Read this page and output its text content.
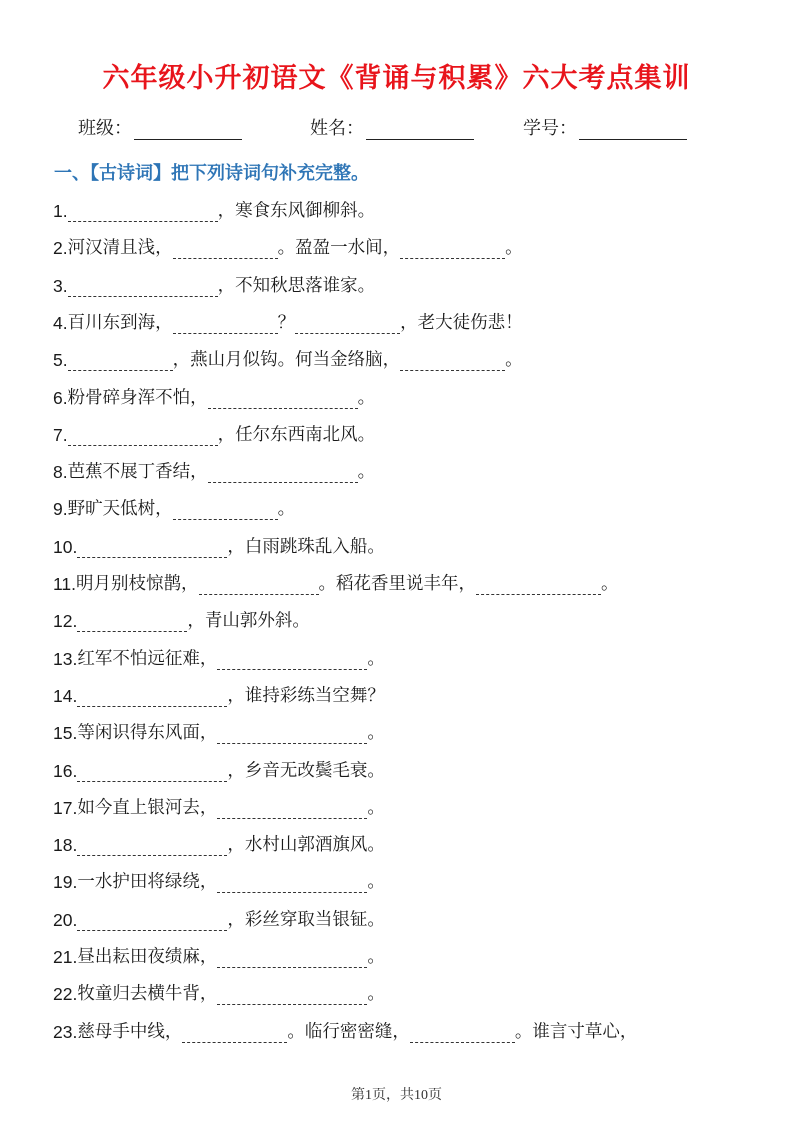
六年级小升初语文《背诵与积累》六大考点集训
班级：	姓名：	学号：
一、【古诗词】把下列诗词句补充完整。
1.	，寒食东风御柳斜。
2. 河汉清且浅，	。盈盈一水间，	。
3.	，不知秋思落谁家。
4. 百川东到海，	？	，老大徒伤悲！
5.	，燕山月似钩。何当金络脑，	。
6. 粉骨碎身浑不怕，	。
7.	，任尔东西南北风。
8. 芭蕉不展丁香结，	。
9. 野旷天低树，	。
10.	，白雨跳珠乱入船。
11. 明月别枝惊鹊，	。稻花香里说丰年，	。
12.	，青山郭外斜。
13. 红军不怕远征难，	。
14.	，谁持彩练当空舞？
15. 等闲识得东风面，	。
16.	，乡音无改鬓毛衰。
17. 如今直上银河去，	。
18.	，水村山郭酒旗风。
19. 一水护田将绿绕，	。
20.	，彩丝穿取当银钲。
21. 昼出耘田夜绩麻，	。
22. 牧童归去横牛背，	。
23. 慈母手中线，	。临行密密缝，	。谁言寸草心，
第1页，共10页
